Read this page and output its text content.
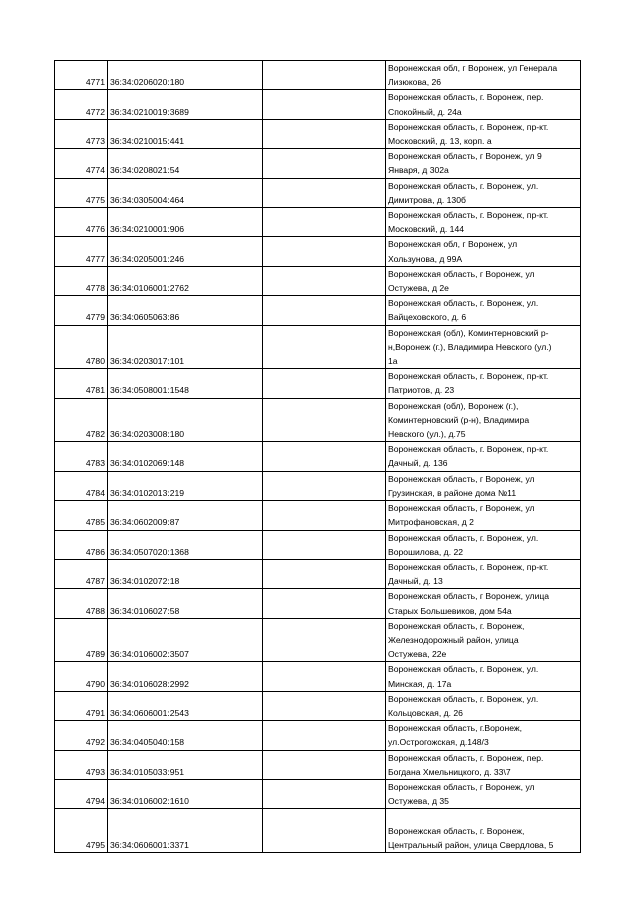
4771	36:34:0206020:180		Воронежская обл, г Воронеж, ул Генерала
Лизюкова, 26

4772	36:34:0210019:3689		Воронежская область, г. Воронеж, пер.
Спокойный, д. 24а

4773	36:34:0210015:441		Воронежская область, г. Воронеж, пр-кт.
Московский, д. 13, корп. а

4774	36:34:0208021:54		Воронежская область, г Воронеж, ул 9
Января, д 302а

4775	36:34:0305004:464		Воронежская область, г. Воронеж, ул.
Димитрова, д. 130б

4776	36:34:0210001:906		Воронежская область, г. Воронеж, пр-кт.
Московский, д. 144

4777	36:34:0205001:246		Воронежская обл, г Воронеж, ул
Хользунова, д 99А

4778	36:34:0106001:2762		Воронежская область, г Воронеж, ул
Остужева, д 2е

4779	36:34:0605063:86		Воронежская область, г. Воронеж, ул.
Вайцеховского, д. 6

4780	36:34:0203017:101		Воронежская (обл), Коминтерновский р-
н,Воронеж (г.), Владимира Невского (ул.)
1а

4781	36:34:0508001:1548		Воронежская область, г. Воронеж, пр-кт.
Патриотов, д. 23

4782	36:34:0203008:180		Воронежская (обл), Воронеж (г.),
Коминтерновский (р-н), Владимира
Невского (ул.), д.75

4783	36:34:0102069:148		Воронежская область, г. Воронеж, пр-кт.
Дачный, д. 136

4784	36:34:0102013:219		Воронежская область, г Воронеж, ул
Грузинская, в районе дома №11

4785	36:34:0602009:87		Воронежская область, г Воронеж, ул
Митрофановская, д 2

4786	36:34:0507020:1368		Воронежская область, г. Воронеж, ул.
Ворошилова, д. 22

4787	36:34:0102072:18		Воронежская область, г. Воронеж, пр-кт.
Дачный, д. 13

4788	36:34:0106027:58		Воронежская область, г Воронеж, улица
Старых Большевиков, дом 54а

4789	36:34:0106002:3507		Воронежская область, г. Воронеж,
Железнодорожный район, улица
Остужева, 22е

4790	36:34:0106028:2992		Воронежская область, г. Воронеж, ул.
Минская, д. 17а

4791	36:34:0606001:2543		Воронежская область, г. Воронеж, ул.
Кольцовская, д. 26

4792	36:34:0405040:158		Воронежская область, г.Воронеж,
ул.Острогожская, д.148/3

4793	36:34:0105033:951		Воронежская область, г. Воронеж, пер.
Богдана Хмельницкого, д. 33\7

4794	36:34:0106002:1610		Воронежская область, г Воронеж, ул
Остужева, д 35

4795	36:34:0606001:3371		Воронежская область, г. Воронеж,
Центральный район, улица Свердлова, 5
